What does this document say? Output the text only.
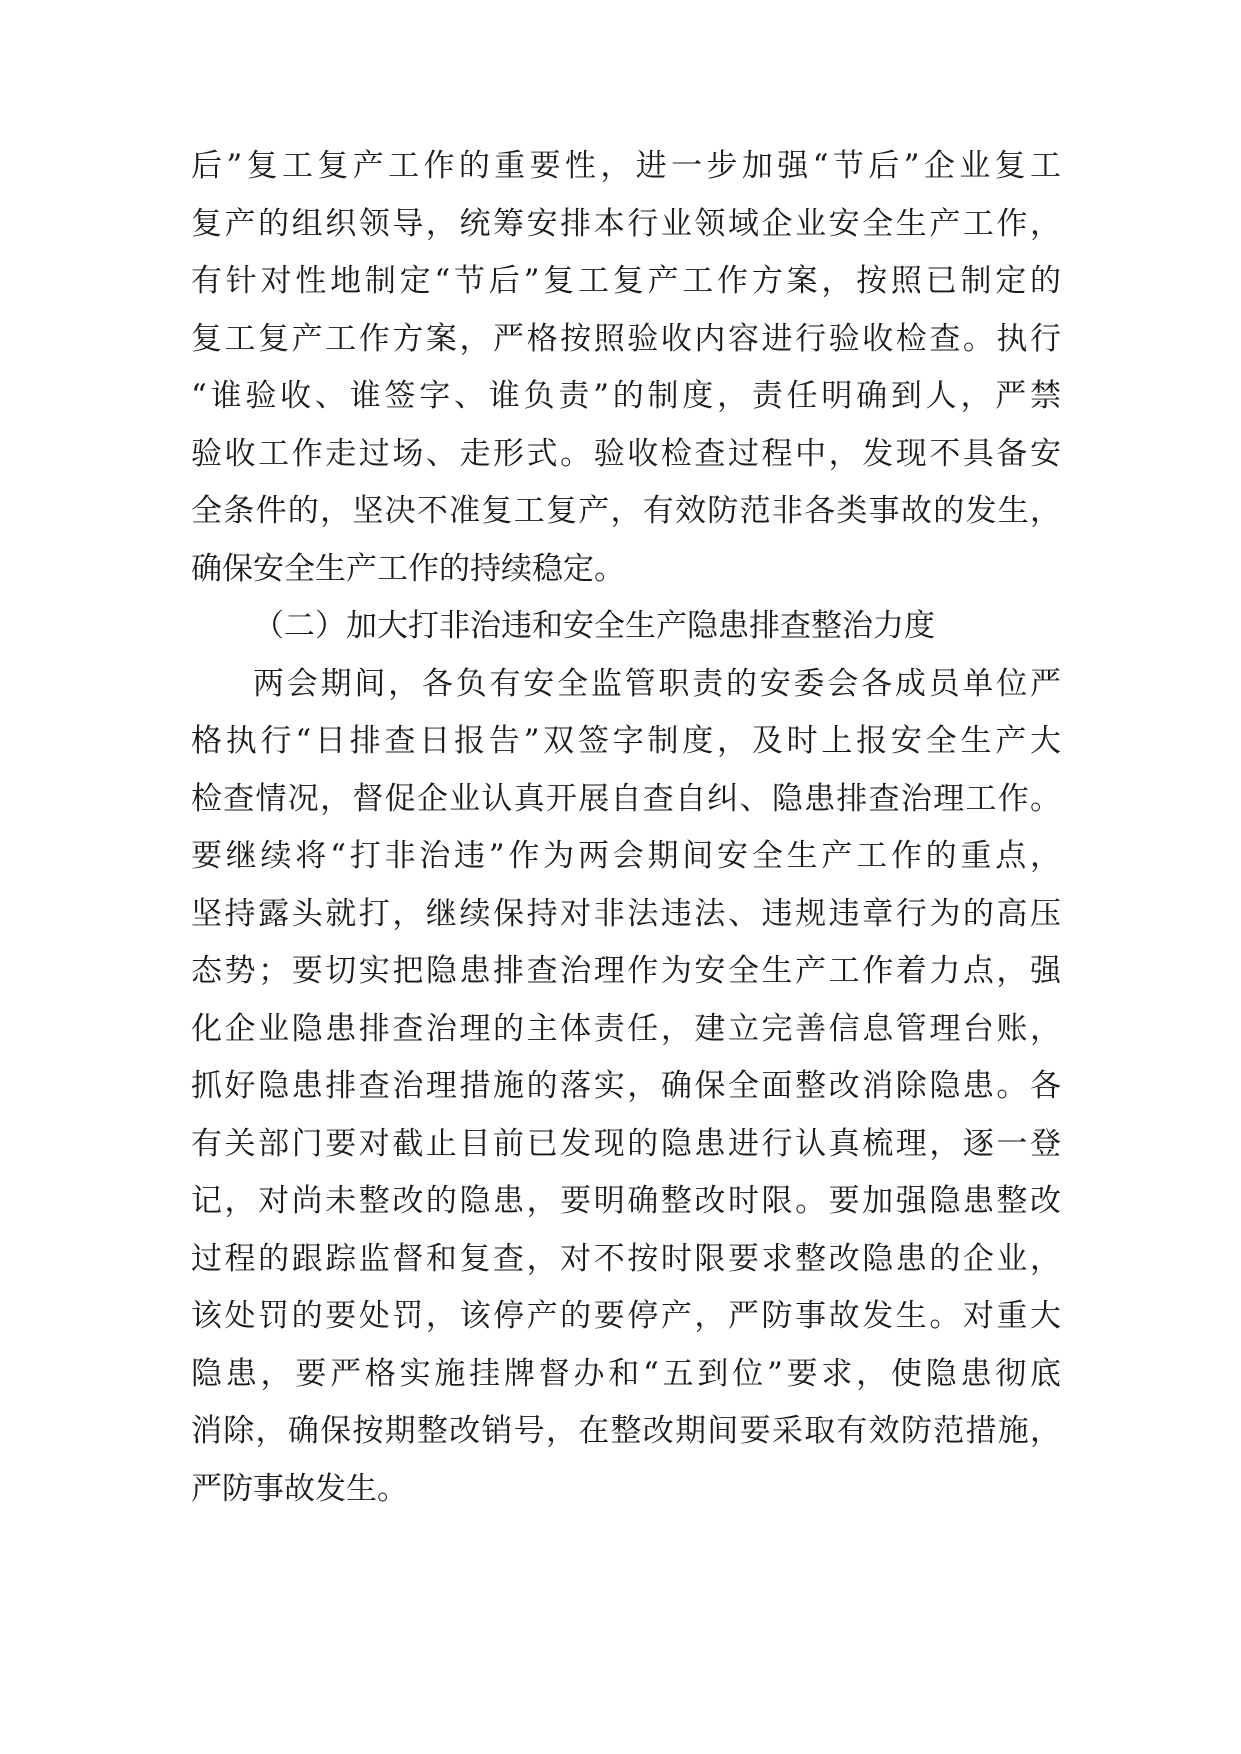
后”复工复产工作的重要性，进一步加强“节后”企业复工
复产的组织领导，统筹安排本行业领域企业安全生产工作，
有针对性地制定“节后”复工复产工作方案，按照已制定的
复工复产工作方案，严格按照验收内容进行验收检查。执行
“谁验收、谁签字、谁负责”的制度，责任明确到人，严禁
验收工作走过场、走形式。验收检查过程中，发现不具备安
全条件的，坚决不准复工复产，有效防范非各类事故的发生，
确保安全生产工作的持续稳定。
（二）加大打非治违和安全生产隐患排查整治力度
两会期间，各负有安全监管职责的安委会各成员单位严
格执行“日排查日报告”双签字制度，及时上报安全生产大
检查情况，督促企业认真开展自查自纠、隐患排查治理工作。
要继续将“打非治违”作为两会期间安全生产工作的重点，
坚持露头就打，继续保持对非法违法、违规违章行为的高压
态势；要切实把隐患排查治理作为安全生产工作着力点，强
化企业隐患排查治理的主体责任，建立完善信息管理台账，
抓好隐患排查治理措施的落实，确保全面整改消除隐患。各
有关部门要对截止目前已发现的隐患进行认真梳理，逐一登
记，对尚未整改的隐患，要明确整改时限。要加强隐患整改
过程的跟踪监督和复查，对不按时限要求整改隐患的企业，
该处罚的要处罚，该停产的要停产，严防事故发生。对重大
隐患，要严格实施挂牌督办和“五到位”要求，使隐患彻底
消除，确保按期整改销号，在整改期间要采取有效防范措施，
严防事故发生。
